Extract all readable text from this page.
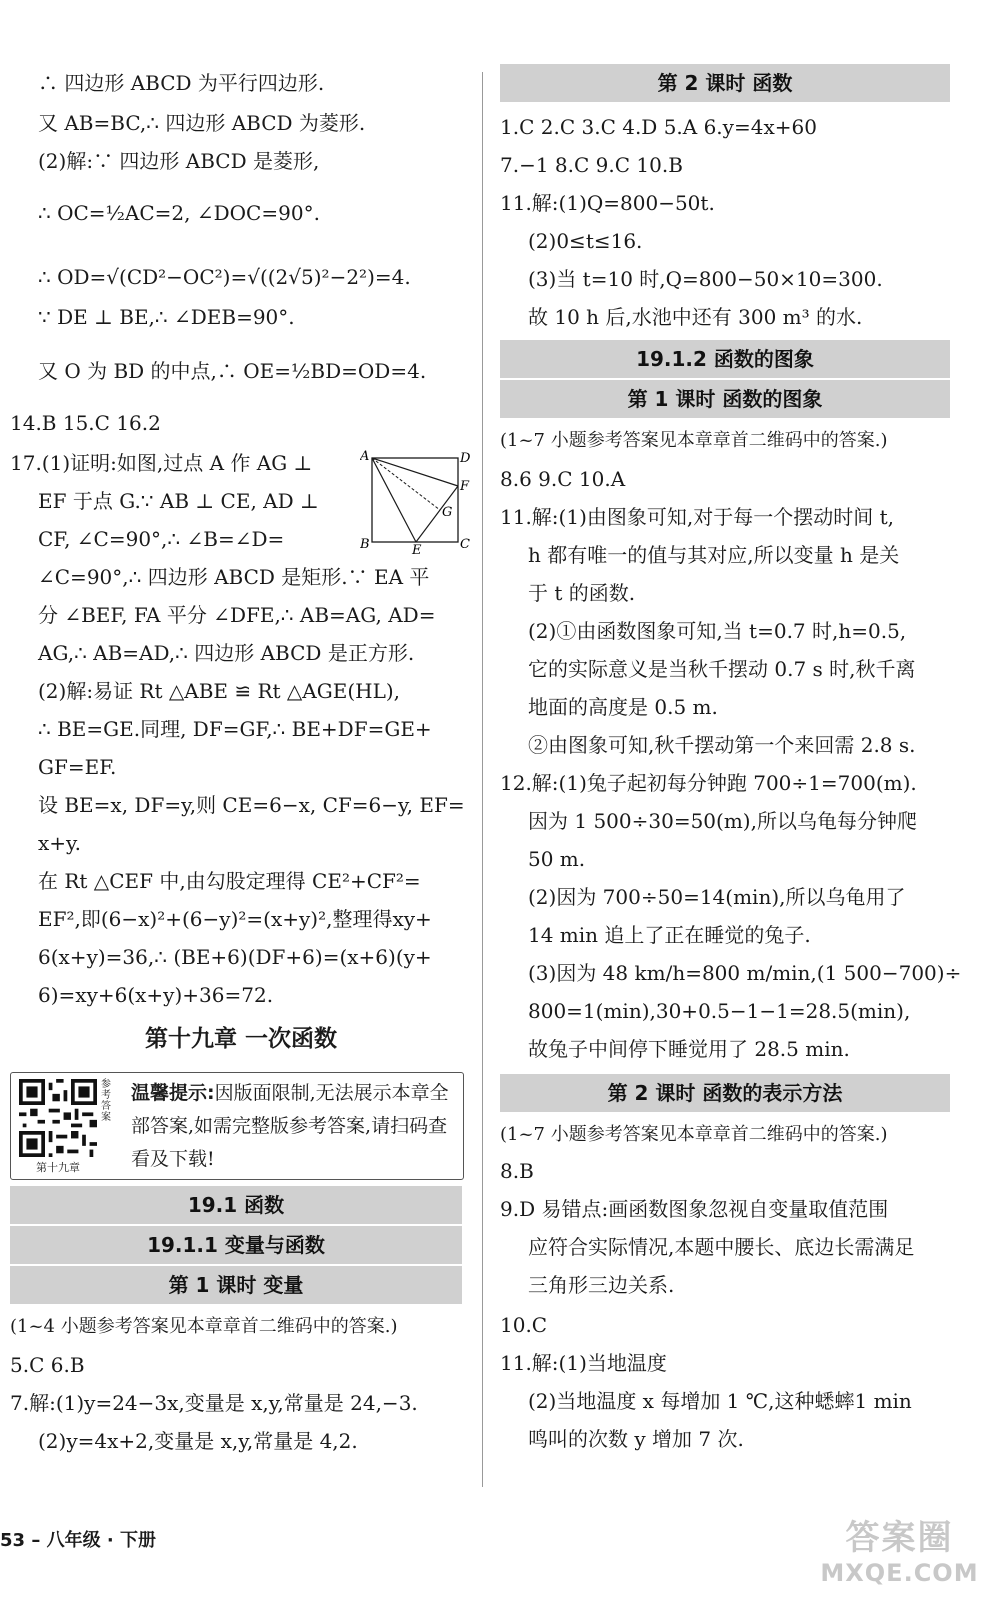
∴ 四边形 ABCD 为平行四边形.
又 AB=BC,∴ 四边形 ABCD 为菱形.
(2)解:∵ 四边形 ABCD 是菱形,
∴ OC=½AC=2, ∠DOC=90°.
∴ OD=√(CD²−OC²)=√((2√5)²−2²)=4.
∵ DE ⊥ BE,∴ ∠DEB=90°.
又 O 为 BD 的中点,∴ OE=½BD=OD=4.
14.B 15.C 16.2
17.(1)证明:如图,过点 A 作 AG ⊥
EF 于点 G.∵ AB ⊥ CE, AD ⊥
CF, ∠C=90°,∴ ∠B=∠D=
∠C=90°,∴ 四边形 ABCD 是矩形.∵ EA 平
分 ∠BEF, FA 平分 ∠DFE,∴ AB=AG, AD=
AG,∴ AB=AD,∴ 四边形 ABCD 是正方形.
(2)解:易证 Rt △ABE ≌ Rt △AGE(HL),
∴ BE=GE.同理, DF=GF,∴ BE+DF=GE+
GF=EF.
设 BE=x, DF=y,则 CE=6−x, CF=6−y, EF=
x+y.
在 Rt △CEF 中,由勾股定理得 CE²+CF²=
EF²,即(6−x)²+(6−y)²=(x+y)²,整理得xy+
6(x+y)=36,∴ (BE+6)(DF+6)=(x+6)(y+
6)=xy+6(x+y)+36=72.
A	D
F
G
B	E	C
第十九章 一次函数
第十九章
参考答案
温馨提示:因版面限制,无法展示本章全部答案,如需完整版参考答案,请扫码查看及下载!
19.1 函数
19.1.1 变量与函数
第 1 课时 变量
(1~4 小题参考答案见本章章首二维码中的答案.)
5.C 6.B
7.解:(1)y=24−3x,变量是 x,y,常量是 24,−3.
(2)y=4x+2,变量是 x,y,常量是 4,2.
第 2 课时 函数
1.C 2.C 3.C 4.D 5.A 6.y=4x+60
7.−1 8.C 9.C 10.B
11.解:(1)Q=800−50t.
(2)0≤t≤16.
(3)当 t=10 时,Q=800−50×10=300.
故 10 h 后,水池中还有 300 m³ 的水.
19.1.2 函数的图象
第 1 课时 函数的图象
(1~7 小题参考答案见本章章首二维码中的答案.)
8.6 9.C 10.A
11.解:(1)由图象可知,对于每一个摆动时间 t,
h 都有唯一的值与其对应,所以变量 h 是关
于 t 的函数.
(2)①由函数图象可知,当 t=0.7 时,h=0.5,
它的实际意义是当秋千摆动 0.7 s 时,秋千离
地面的高度是 0.5 m.
②由图象可知,秋千摆动第一个来回需 2.8 s.
12.解:(1)兔子起初每分钟跑 700÷1=700(m).
因为 1 500÷30=50(m),所以乌龟每分钟爬
50 m.
(2)因为 700÷50=14(min),所以乌龟用了
14 min 追上了正在睡觉的兔子.
(3)因为 48 km/h=800 m/min,(1 500−700)÷
800=1(min),30+0.5−1−1=28.5(min),
故兔子中间停下睡觉用了 28.5 min.
第 2 课时 函数的表示方法
(1~7 小题参考答案见本章章首二维码中的答案.)
8.B
9.D 易错点:画函数图象忽视自变量取值范围
应符合实际情况,本题中腰长、底边长需满足
三角形三边关系.
10.C
11.解:(1)当地温度
(2)当地温度 x 每增加 1 ℃,这种蟋蟀1 min
鸣叫的次数 y 增加 7 次.
53 – 八年级 · 下册	答案圈
MXQE.COM
